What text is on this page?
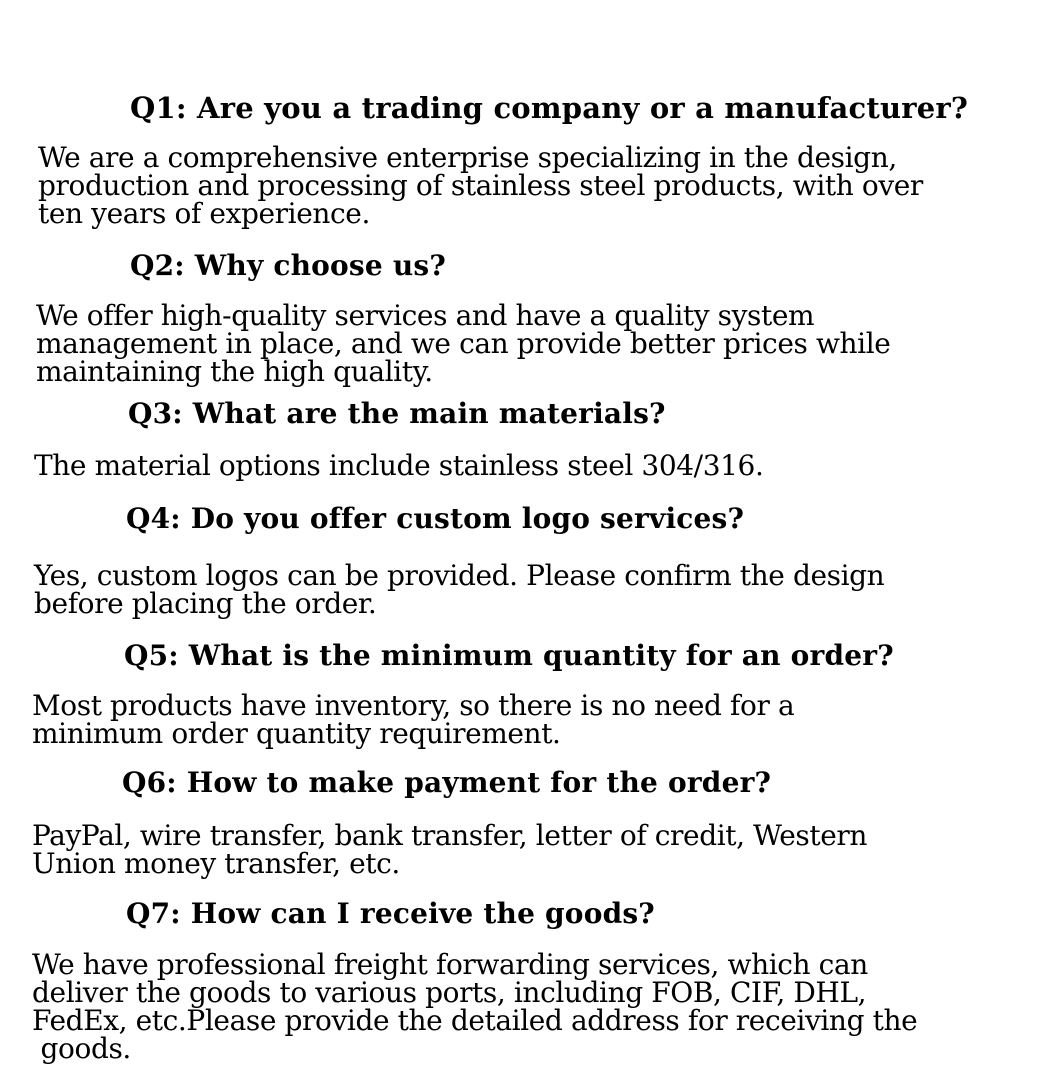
Q1: Are you a trading company or a manufacturer?
We are a comprehensive enterprise specializing in the design,
production and processing of stainless steel products, with over
ten years of experience.
Q2: Why choose us?
We offer high-quality services and have a quality system
management in place, and we can provide better prices while
maintaining the high quality.
Q3: What are the main materials?
The material options include stainless steel 304/316.
Q4: Do you offer custom logo services?
Yes, custom logos can be provided. Please confirm the design
before placing the order.
Q5: What is the minimum quantity for an order?
Most products have inventory, so there is no need for a
minimum order quantity requirement.
Q6: How to make payment for the order?
PayPal, wire transfer, bank transfer, letter of credit, Western
Union money transfer, etc.
Q7: How can I receive the goods?
We have professional freight forwarding services, which can
deliver the goods to various ports, including FOB, CIF, DHL,
FedEx, etc.Please provide the detailed address for receiving the
goods.
